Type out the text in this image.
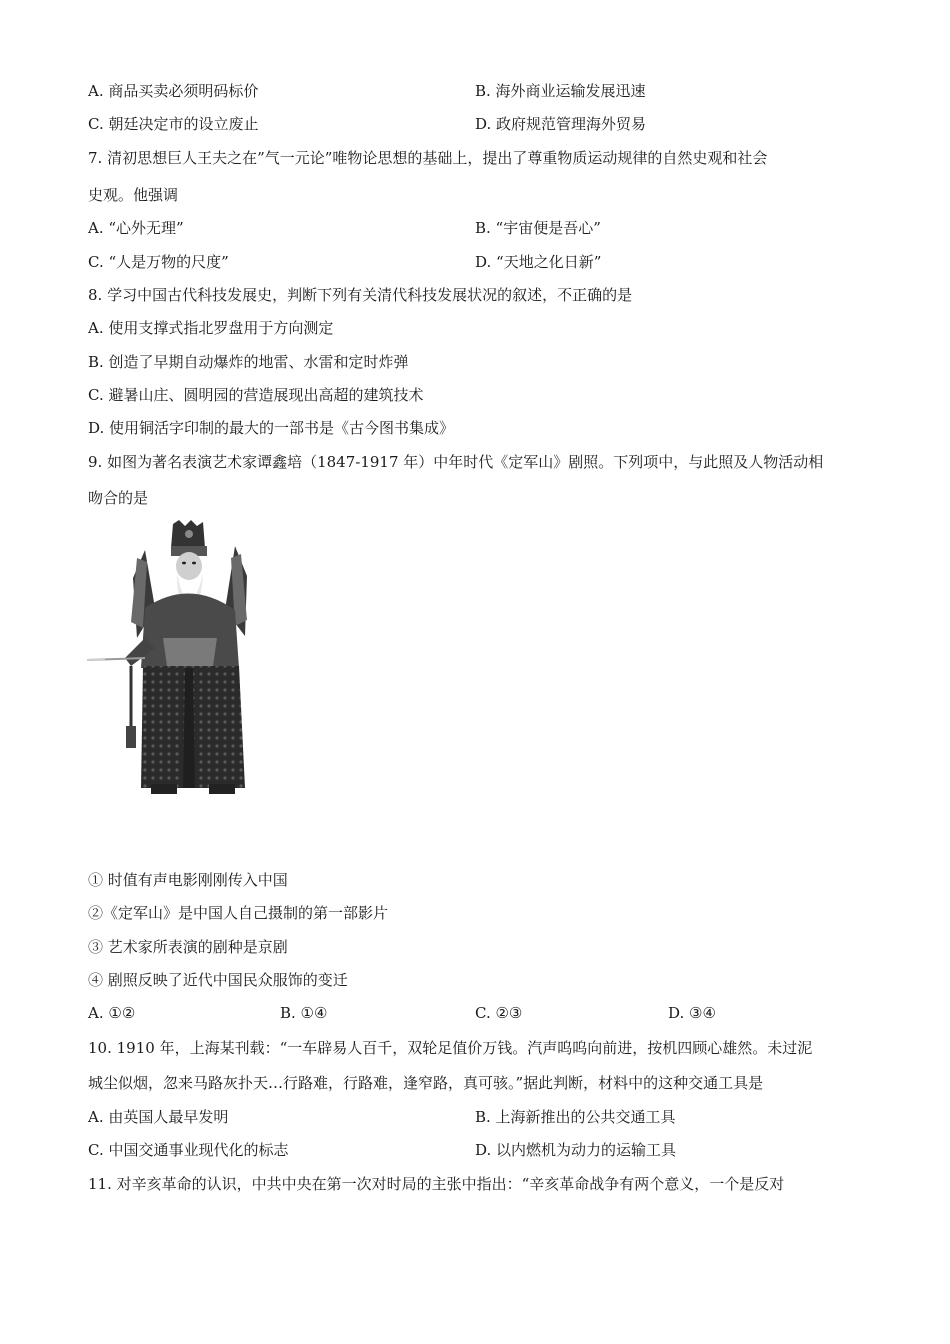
A. 商品买卖必须明码标价	B. 海外商业运输发展迅速
C. 朝廷决定市的设立废止	D. 政府规范管理海外贸易
7. 清初思想巨人王夫之在”气一元论”唯物论思想的基础上，提出了尊重物质运动规律的自然史观和社会
史观。他强调
A. “心外无理”	B. “宇宙便是吾心”
C. “人是万物的尺度”	D. “天地之化日新”
8. 学习中国古代科技发展史，判断下列有关清代科技发展状况的叙述，不正确的是
A. 使用支撑式指北罗盘用于方向测定
B. 创造了早期自动爆炸的地雷、水雷和定时炸弹
C. 避暑山庄、圆明园的营造展现出高超的建筑技术
D. 使用铜活字印制的最大的一部书是《古今图书集成》
9. 如图为著名表演艺术家谭鑫培（1847-1917 年）中年时代《定军山》剧照。下列项中，与此照及人物活动相
吻合的是
① 时值有声电影刚刚传入中国
②《定军山》是中国人自己摄制的第一部影片
③ 艺术家所表演的剧种是京剧
④ 剧照反映了近代中国民众服饰的变迁
A. ①②	B. ①④	C. ②③	D. ③④
10. 1910 年，上海某刊载：“一车辟易人百千，双轮足值价万钱。汽声呜呜向前进，按机四顾心雄然。未过泥
城尘似烟，忽来马路灰扑天…行路难，行路难，逢窄路，真可骇。”据此判断，材料中的这种交通工具是
A. 由英国人最早发明	B. 上海新推出的公共交通工具
C. 中国交通事业现代化的标志	D. 以内燃机为动力的运输工具
11. 对辛亥革命的认识，中共中央在第一次对时局的主张中指出：“辛亥革命战争有两个意义，一个是反对
